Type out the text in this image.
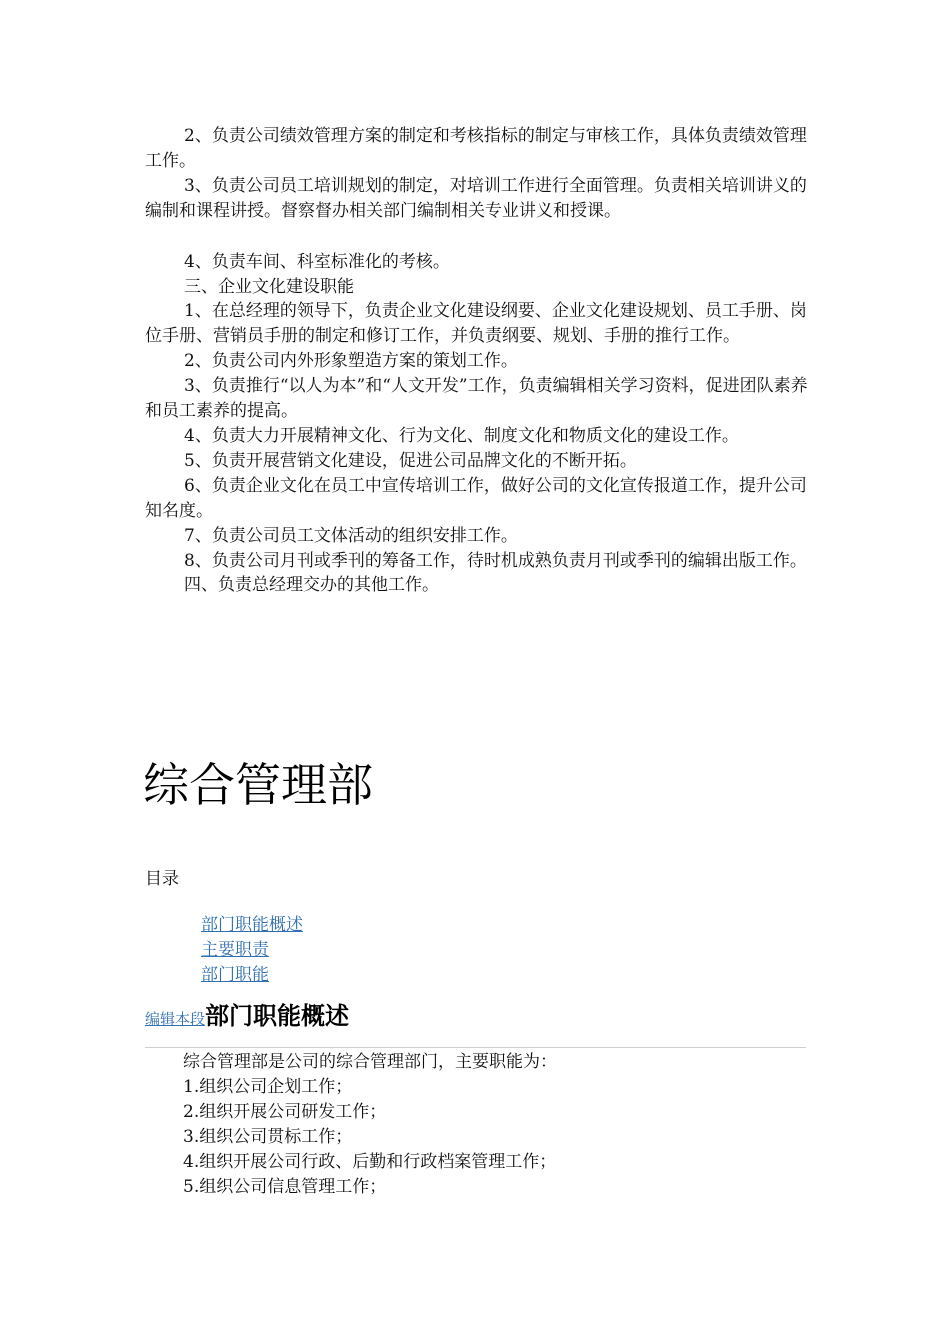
2、负责公司绩效管理方案的制定和考核指标的制定与审核工作，具体负责绩效管理工作。

3、负责公司员工培训规划的制定，对培训工作进行全面管理。负责相关培训讲义的编制和课程讲授。督察督办相关部门编制相关专业讲义和授课。

4、负责车间、科室标准化的考核。

三、企业文化建设职能

1、在总经理的领导下，负责企业文化建设纲要、企业文化建设规划、员工手册、岗位手册、营销员手册的制定和修订工作，并负责纲要、规划、手册的推行工作。

2、负责公司内外形象塑造方案的策划工作。

3、负责推行“以人为本”和“人文开发”工作，负责编辑相关学习资料，促进团队素养和员工素养的提高。

4、负责大力开展精神文化、行为文化、制度文化和物质文化的建设工作。

5、负责开展营销文化建设，促进公司品牌文化的不断开拓。

6、负责企业文化在员工中宣传培训工作，做好公司的文化宣传报道工作，提升公司知名度。

7、负责公司员工文体活动的组织安排工作。

8、负责公司月刊或季刊的筹备工作，待时机成熟负责月刊或季刊的编辑出版工作。

四、负责总经理交办的其他工作。

综合管理部
目录
部门职能概述
主要职责
部门职能
编辑本段部门职能概述
综合管理部是公司的综合管理部门，主要职能为：
1.组织公司企划工作；
2.组织开展公司研发工作；
3.组织公司贯标工作；
4.组织开展公司行政、后勤和行政档案管理工作；
5.组织公司信息管理工作；
